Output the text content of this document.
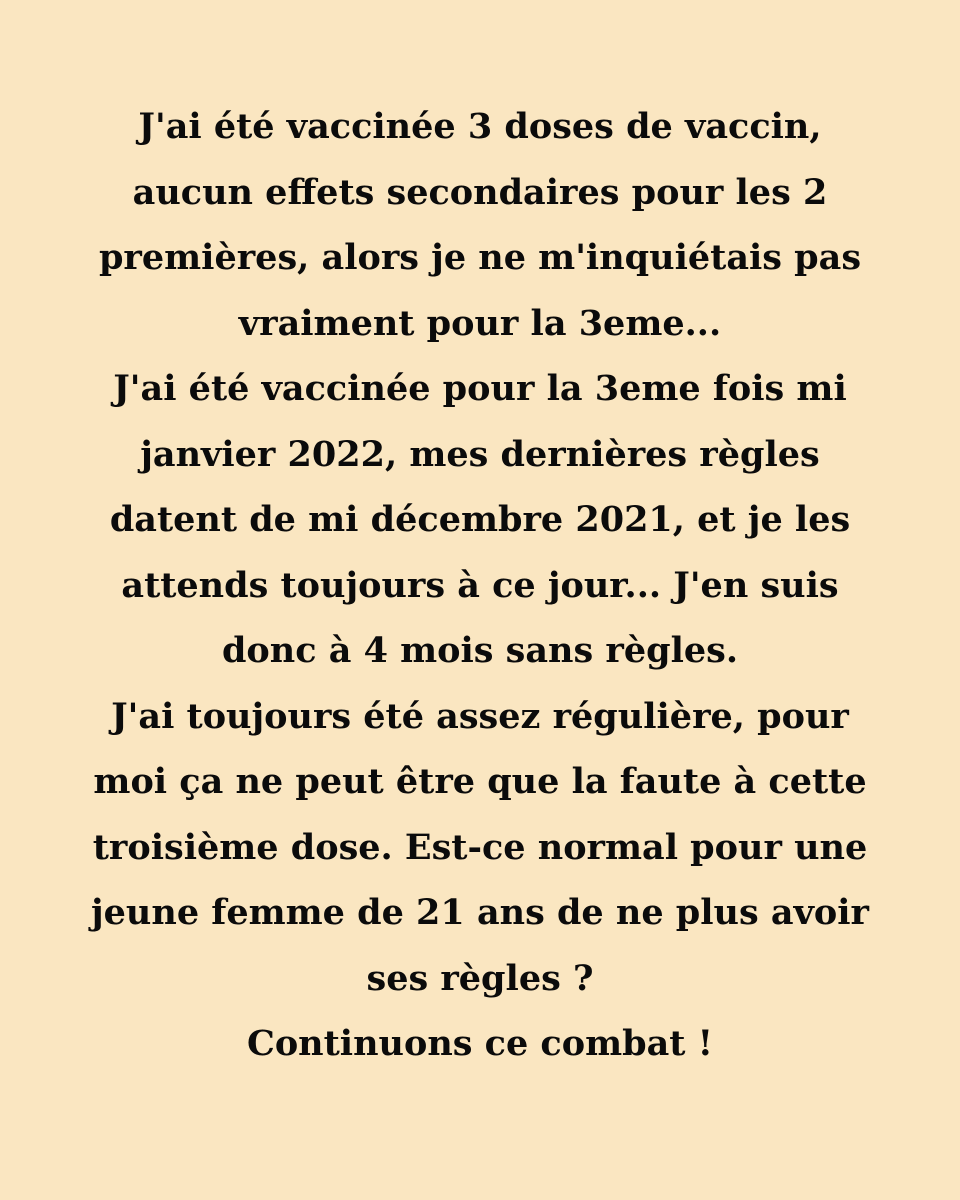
J'ai été vaccinée 3 doses de vaccin,
aucun effets secondaires pour les 2
premières, alors je ne m'inquiétais pas
vraiment pour la 3eme...
J'ai été vaccinée pour la 3eme fois mi
janvier 2022, mes dernières règles
datent de mi décembre 2021, et je les
attends toujours à ce jour... J'en suis
donc à 4 mois sans règles.
J'ai toujours été assez régulière, pour
moi ça ne peut être que la faute à cette
troisième dose. Est-ce normal pour une
jeune femme de 21 ans de ne plus avoir
ses règles ?
Continuons ce combat !
